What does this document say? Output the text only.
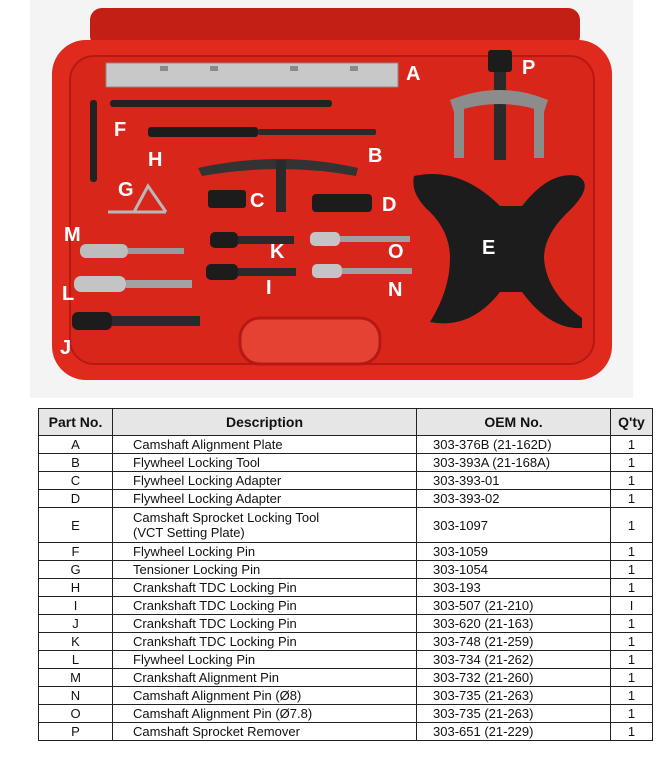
A
B
C	D
E
F
G
H
I
J
K
L
M
N
O
P
Part No.	Description	OEM No.	Q'ty
A	Camshaft Alignment Plate	303-376B (21-162D)	1
B	Flywheel Locking Tool	303-393A (21-168A)	1
C	Flywheel Locking Adapter	303-393-01	1
D	Flywheel Locking Adapter	303-393-02	1
E	Camshaft Sprocket Locking Tool
(VCT Setting Plate)	303-1097	1
F	Flywheel Locking Pin	303-1059	1
G	Tensioner Locking Pin	303-1054	1
H	Crankshaft TDC Locking Pin	303-193	1
I	Crankshaft TDC Locking Pin	303-507 (21-210)	I
J	Crankshaft TDC Locking Pin	303-620 (21-163)	1
K	Crankshaft TDC Locking Pin	303-748 (21-259)	1
L	Flywheel Locking Pin	303-734 (21-262)	1
M	Crankshaft Alignment Pin	303-732 (21-260)	1
N	Camshaft Alignment Pin (Ø8)	303-735 (21-263)	1
O	Camshaft Alignment Pin (Ø7.8)	303-735 (21-263)	1
P	Camshaft Sprocket Remover	303-651 (21-229)	1
